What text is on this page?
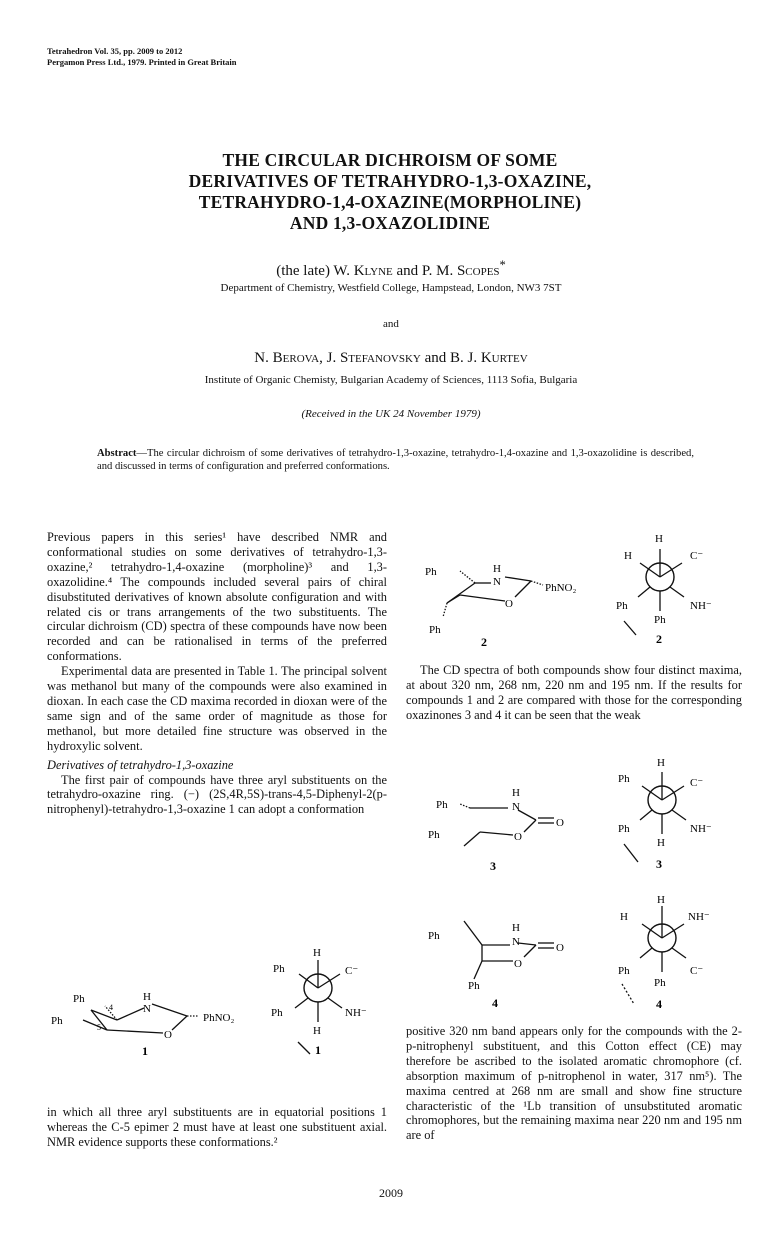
Tetrahedron Vol. 35, pp. 2009 to 2012
Pergamon Press Ltd., 1979. Printed in Great Britain
THE CIRCULAR DICHROISM OF SOME
DERIVATIVES OF TETRAHYDRO-1,3-OXAZINE,
TETRAHYDRO-1,4-OXAZINE(MORPHOLINE)
AND 1,3-OXAZOLIDINE
(the late) W. Klyne and P. M. Scopes*
Department of Chemistry, Westfield College, Hampstead, London, NW3 7ST
and
N. Berova, J. Stefanovsky and B. J. Kurtev
Institute of Organic Chemisty, Bulgarian Academy of Sciences, 1113 Sofia, Bulgaria
(Received in the UK 24 November 1979)
Abstract—The circular dichroism of some derivatives of tetrahydro-1,3-oxazine, tetrahydro-1,4-oxazine and 1,3-oxazolidine is described, and discussed in terms of configuration and preferred conformations.

Previous papers in this series¹ have described NMR and conformational studies on some derivatives of tetrahydro-1,3-oxazine,² tetrahydro-1,4-oxazine (morpholine)³ and 1,3-oxazolidine.⁴ The compounds included several pairs of chiral disubstituted derivatives of known absolute configuration and with related cis or trans arrangements of the two substituents. The circular dichroism (CD) spectra of these compounds have now been recorded and can be rationalised in terms of the preferred conformations.

Experimental data are presented in Table 1. The principal solvent was methanol but many of the compounds were also examined in dioxan. In each case the CD maxima recorded in dioxan were of the same sign and of the same order of magnitude as those for methanol, but more detailed fine structure was observed in the hydroxylic solvent.

Derivatives of tetrahydro-1,3-oxazine

The first pair of compounds have three aryl substituents on the tetrahydro-oxazine ring. (−) (2S,4R,5S)-trans-4,5-Diphenyl-2(p-nitrophenyl)-tetrahydro-1,3-oxazine 1 can adopt a conformation

Ph
Ph
H
N
O
PhNO₂
4
5
1
H
Ph	C⁻
Ph	NH⁻
H
1

in which all three aryl substituents are in equatorial positions 1 whereas the C-5 epimer 2 must have at least one substituent axial. NMR evidence supports these conformations.²

Ph
Ph
H
N
O
PhNO₂
2
H
H	C⁻
Ph	NH⁻
Ph
2

The CD spectra of both compounds show four distinct maxima, at about 320 nm, 268 nm, 220 nm and 195 nm. If the results for compounds 1 and 2 are compared with those for the corresponding oxazinones 3 and 4 it can be seen that the weak

Ph
Ph
H
N
O
O
3
H
Ph	C⁻
Ph	NH⁻
H
3
Ph
Ph
H
N
O
O
4
H
H	NH⁻
Ph	C⁻
Ph
4

positive 320 nm band appears only for the compounds with the 2-p-nitrophenyl substituent, and this Cotton effect (CE) may therefore be ascribed to the isolated aromatic chromophore (cf. absorption maximum of p-nitrophenol in water, 317 nm⁵). The maxima centred at 268 nm are small and show fine structure characteristic of the ¹Lb transition of unsubstituted aromatic chromophores, but the remaining maxima near 220 nm and 195 nm are of

2009
